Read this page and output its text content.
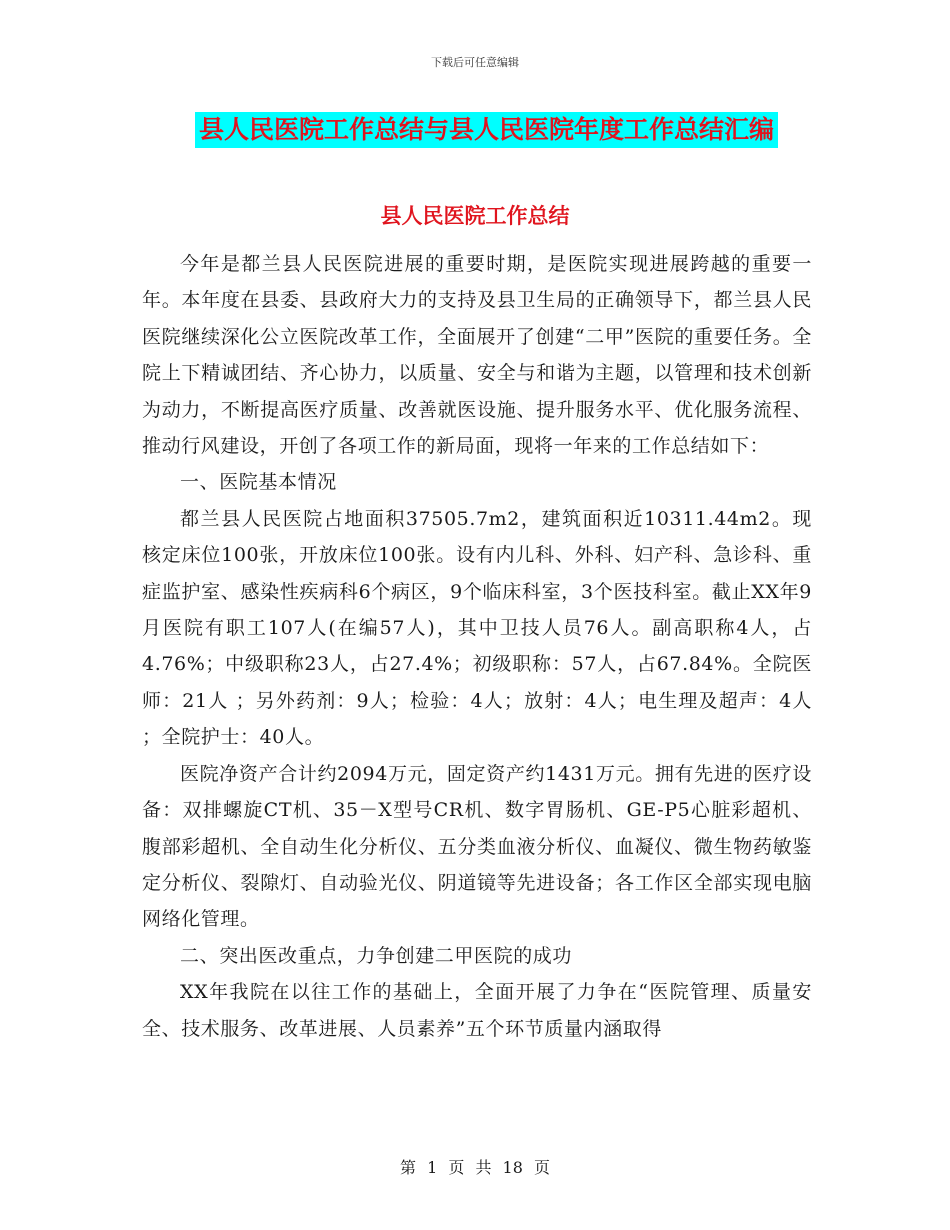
下载后可任意编辑
县人民医院工作总结与县人民医院年度工作总结汇编
县人民医院工作总结

今年是都兰县人民医院进展的重要时期，是医院实现进展跨越的重要一年。本年度在县委、县政府大力的支持及县卫生局的正确领导下，都兰县人民医院继续深化公立医院改革工作，全面展开了创建“二甲”医院的重要任务。全院上下精诚团结、齐心协力，以质量、安全与和谐为主题，以管理和技术创新为动力，不断提高医疗质量、改善就医设施、提升服务水平、优化服务流程、推动行风建设，开创了各项工作的新局面，现将一年来的工作总结如下：

一、医院基本情况

都兰县人民医院占地面积37505.7m2，建筑面积近10311.44m2。现核定床位100张，开放床位100张。设有内儿科、外科、妇产科、急诊科、重症监护室、感染性疾病科6个病区，9个临床科室，3个医技科室。截止XX年9月医院有职工107人(在编57人)，其中卫技人员76人。副高职称4人，占4.76%；中级职称23人，占27.4%；初级职称：57人，占67.84%。全院医师：21人 ；另外药剂：9人；检验：4人；放射：4人；电生理及超声：4人 ；全院护士：40人。

医院净资产合计约2094万元，固定资产约1431万元。拥有先进的医疗设备：双排螺旋CT机、35－X型号CR机、数字胃肠机、GE-P5心脏彩超机、腹部彩超机、全自动生化分析仪、五分类血液分析仪、血凝仪、微生物药敏鉴定分析仪、裂隙灯、自动验光仪、阴道镜等先进设备；各工作区全部实现电脑网络化管理。

二、突出医改重点，力争创建二甲医院的成功

XX年我院在以往工作的基础上，全面开展了力争在“医院管理、质量安全、技术服务、改革进展、人员素养”五个环节质量内涵取得

第 1 页 共 18 页
